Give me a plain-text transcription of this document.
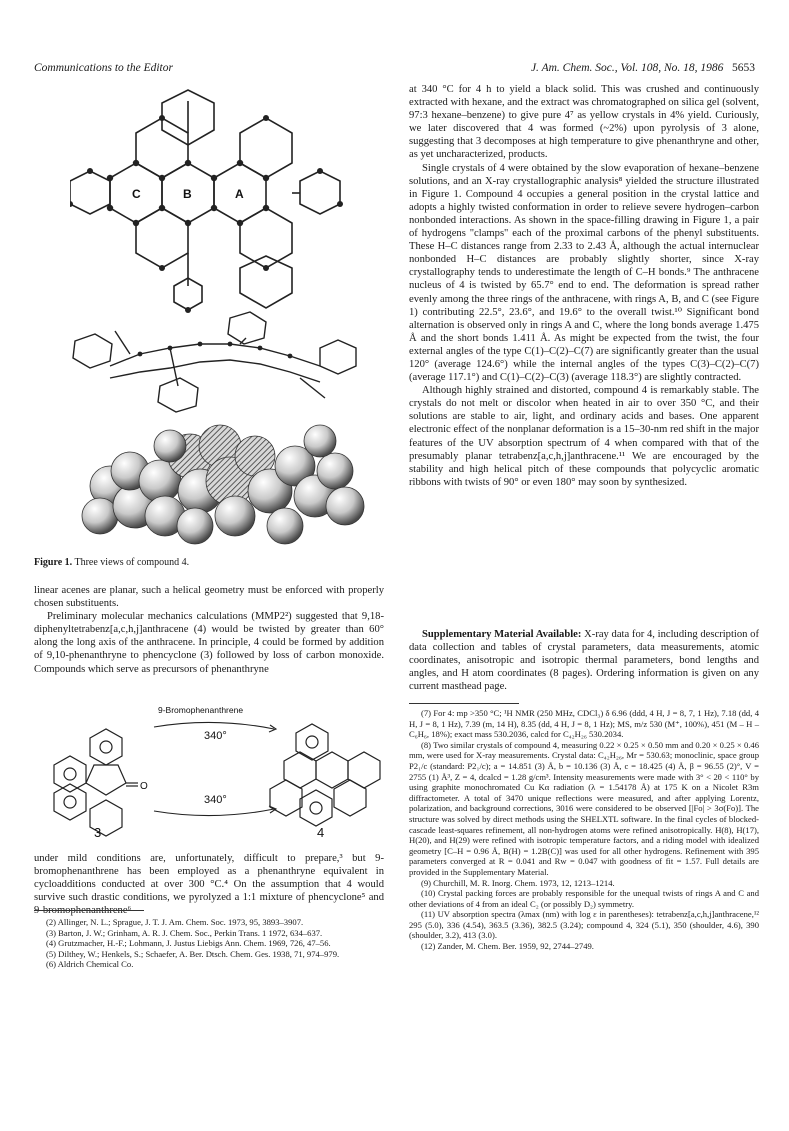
Communications to the Editor	J. Am. Chem. Soc., Vol. 108, No. 18, 1986 5653
C	B	A
Figure 1. Three views of compound 4.

linear acenes are planar, such a helical geometry must be enforced with properly chosen substituents.

Preliminary molecular mechanics calculations (MMP2²) suggested that 9,18-diphenyltetrabenz[a,c,h,j]anthracene (4) would be twisted by greater than 60° along the long axis of the anthracene. In principle, 4 could be formed by addition of 9,10-phenanthryne to phencyclone (3) followed by loss of carbon monoxide. Compounds which serve as precursors of phenanthryne

9-Bromophenanthrene
340°
340°
O
3	4

under mild conditions are, unfortunately, difficult to prepare,³ but 9-bromophenanthrene has been employed as a phenanthryne equivalent in cycloadditions conducted at over 300 °C.⁴ On the assumption that 4 would survive such drastic conditions, we pyrolyzed a 1:1 mixture of phencyclone⁵ and 9-bromophenanthrene⁶

(2) Allinger, N. L.; Sprague, J. T. J. Am. Chem. Soc. 1973, 95, 3893–3907.

(3) Barton, J. W.; Grinham, A. R. J. Chem. Soc., Perkin Trans. 1 1972, 634–637.

(4) Grutzmacher, H.-F.; Lohmann, J. Justus Liebigs Ann. Chem. 1969, 726, 47–56.

(5) Dilthey, W.; Henkels, S.; Schaefer, A. Ber. Dtsch. Chem. Ges. 1938, 71, 974–979.

(6) Aldrich Chemical Co.

at 340 °C for 4 h to yield a black solid. This was crushed and continuously extracted with hexane, and the extract was chromatographed on silica gel (solvent, 97:3 hexane–benzene) to give pure 4⁷ as yellow crystals in 4% yield. Curiously, we later discovered that 4 was formed (~2%) upon pyrolysis of 3 alone, suggesting that 3 decomposes at high temperature to give phenanthryne and other, as yet uncharacterized, products.

Single crystals of 4 were obtained by the slow evaporation of hexane–benzene solutions, and an X-ray crystallographic analysis⁸ yielded the structure illustrated in Figure 1. Compound 4 occupies a general position in the crystal lattice and adopts a highly twisted conformation in order to relieve severe hydrogen–carbon nonbonded interactions. As shown in the space-filling drawing in Figure 1, a pair of hydrogens "clamps" each of the proximal carbons of the phenyl substituents. These H–C distances range from 2.33 to 2.43 Å, although the actual internuclear nonbonded H–C distances are probably slightly shorter, since X-ray crystallography tends to underestimate the length of C–H bonds.⁹ The anthracene nucleus of 4 is twisted by 65.7° end to end. The deformation is spread rather evenly among the three rings of the anthracene, with rings A, B, and C (see Figure 1) contributing 22.5°, 23.6°, and 19.6° to the overall twist.¹⁰ Significant bond alternation is observed only in rings A and C, where the long bonds average 1.475 Å and the short bonds 1.411 Å. As might be expected from the twist, the four external angles of the type C(1)–C(2)–C(7) are significantly greater than the usual 120° (average 124.6°) while the internal angles of the types C(3)–C(2)–C(7) (average 117.1°) and C(1)–C(2)–C(3) (average 118.3°) are slightly contracted.

Although highly strained and distorted, compound 4 is remarkably stable. The crystals do not melt or discolor when heated in air to over 350 °C, and their solutions are stable to air, light, and ordinary acids and bases. One apparent electronic effect of the nonplanar deformation is a 15–30-nm red shift in the major features of the UV absorption spectrum of 4 when compared with that of the presumably planar tetrabenz[a,c,h,j]anthracene.¹¹ We are encouraged by the stability and high helical pitch of these compounds that polycyclic aromatic ribbons with twists of 90° or even 180° may soon by synthesized.

Supplementary Material Available: X-ray data for 4, including description of data collection and tables of crystal parameters, data measurements, atomic coordinates, anisotropic and isotropic thermal parameters, bond lengths and angles, and H atom coordinates (8 pages). Ordering information is given on any current masthead page.

(7) For 4: mp >350 °C; ¹H NMR (250 MHz, CDCl₃) δ 6.96 (ddd, 4 H, J = 8, 7, 1 Hz), 7.18 (dd, 4 H, J = 8, 1 Hz), 7.39 (m, 14 H), 8.35 (dd, 4 H, J = 8, 1 Hz); MS, m/z 530 (M⁺, 100%), 451 (M – H – C₆H₆, 18%); exact mass 530.2036, calcd for C₄₂H₂₆ 530.2034.

(8) Two similar crystals of compound 4, measuring 0.22 × 0.25 × 0.50 mm and 0.20 × 0.25 × 0.46 mm, were used for X-ray measurements. Crystal data: C₄₂H₂₆, Mr = 530.63; monoclinic, space group P2₁/c (standard: P2₁/c); a = 14.851 (3) Å, b = 10.136 (3) Å, c = 18.425 (4) Å, β = 96.55 (2)°, V = 2755 (1) Å³, Z = 4, dcalcd = 1.28 g/cm³. Intensity measurements were made with 3° < 2θ < 110° by using graphite monochromated Cu Kα radiation (λ = 1.54178 Å) at 175 K on a Nicolet R3m diffractometer. A total of 3470 unique reflections were measured, and after applying Lorentz, polarization, and background corrections, 3016 were considered to be observed [|Fo| > 3σ(Fo)]. The structure was solved by direct methods using the SHELXTL software. In the final cycles of blocked-cascade least-squares refinement, all non-hydrogen atoms were refined anisotropically. H(8), H(17), H(20), and H(29) were refined with isotropic temperature factors, and a riding model with idealized geometry [C–H = 0.96 Å, B(H) = 1.2B(C)] was used for all other hydrogens. Refinement with 395 parameters converged at R = 0.041 and Rw = 0.047 with goodness of fit = 1.57. Full details are provided in the Supplementary Material.

(9) Churchill, M. R. Inorg. Chem. 1973, 12, 1213–1214.

(10) Crystal packing forces are probably responsible for the unequal twists of rings A and C and other deviations of 4 from an ideal C₂ (or possibly D₂) symmetry.

(11) UV absorption spectra (λmax (nm) with log ε in parentheses): tetrabenz[a,c,h,j]anthracene,¹² 295 (5.0), 336 (4.54), 363.5 (3.36), 382.5 (3.24); compound 4, 324 (5.1), 350 (shoulder, 4.6), 390 (shoulder, 3.2), 413 (3.0).

(12) Zander, M. Chem. Ber. 1959, 92, 2744–2749.
